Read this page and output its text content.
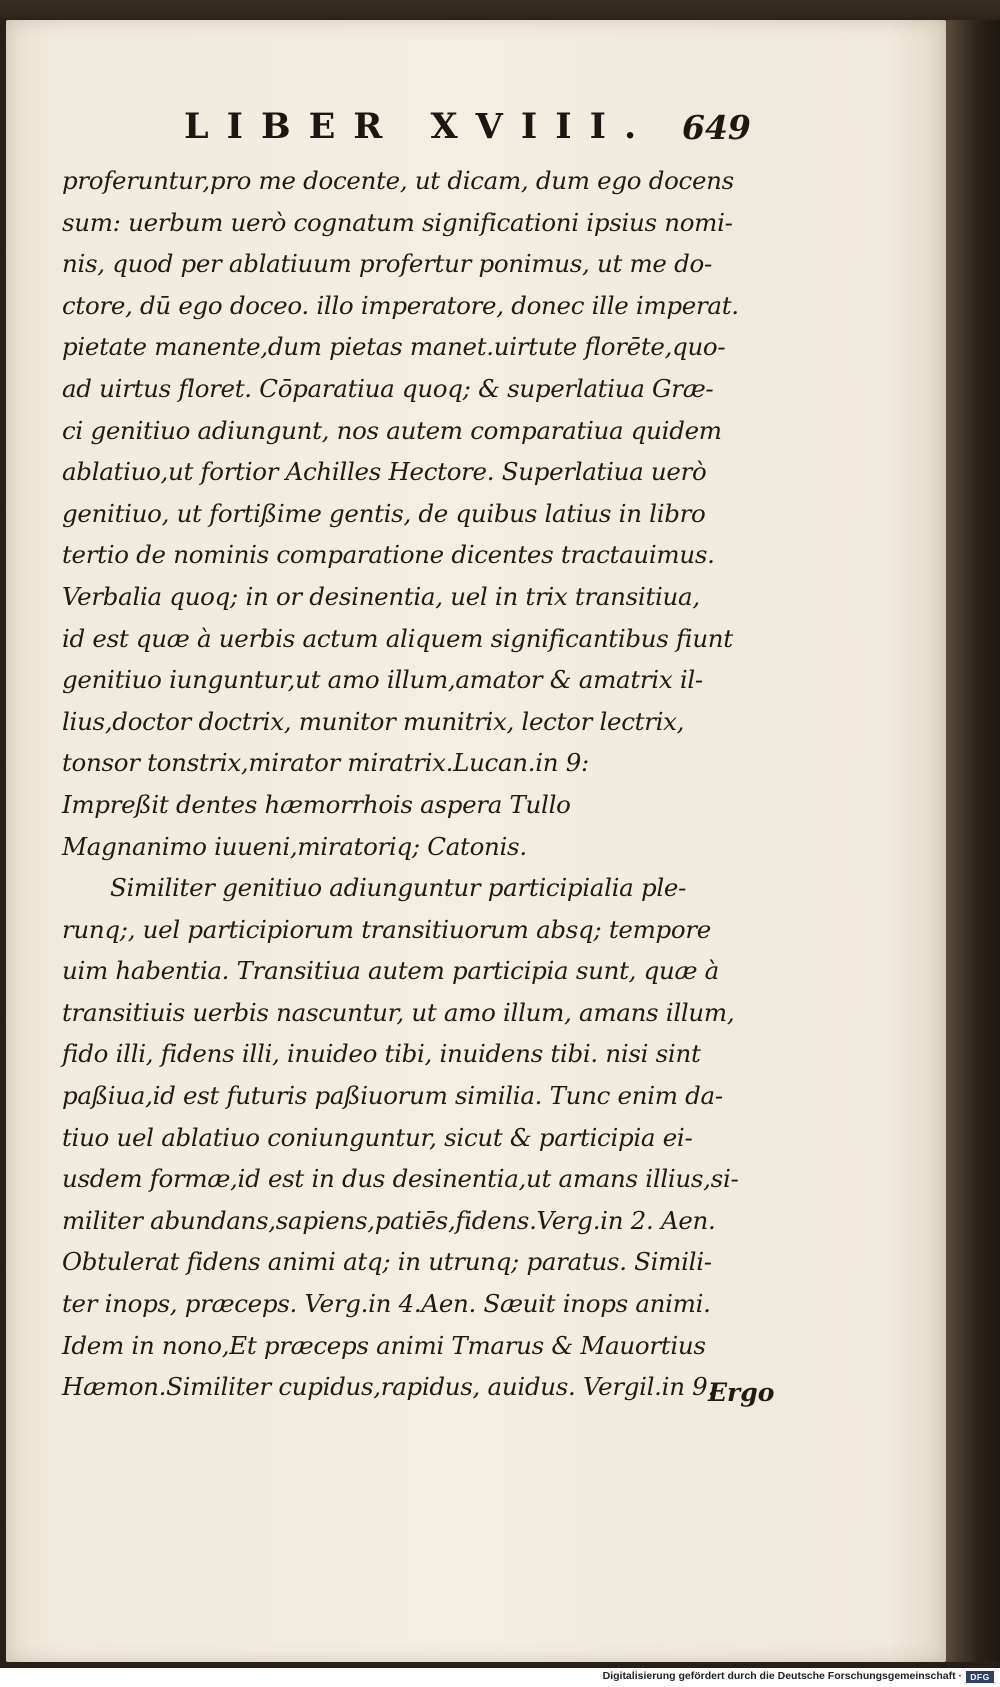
LIBER XVIII. 649
proferuntur,pro me docente, ut dicam, dum ego docens
sum: uerbum uerò cognatum significationi ipsius nomi-
nis, quod per ablatiuum profertur ponimus, ut me do-
ctore, dū ego doceo. illo imperatore, donec ille imperat.
pietate manente,dum pietas manet.uirtute florēte,quo-
ad uirtus floret. Cōparatiua quoq; & superlatiua Græ-
ci genitiuo adiungunt, nos autem comparatiua quidem
ablatiuo,ut fortior Achilles Hectore. Superlatiua uerò
genitiuo, ut fortißime gentis, de quibus latius in libro
tertio de nominis comparatione dicentes tractauimus.
Verbalia quoq; in or desinentia, uel in trix transitiua,
id est quæ à uerbis actum aliquem significantibus fiunt
genitiuo iunguntur,ut amo illum,amator & amatrix il-
lius,doctor doctrix, munitor munitrix, lector lectrix,
tonsor tonstrix,mirator miratrix.Lucan.in 9:
Impreßit dentes hæmorrhois aspera Tullo
Magnanimo iuueni,miratoriq; Catonis.
Similiter genitiuo adiunguntur participialia ple-
runq;, uel participiorum transitiuorum absq; tempore
uim habentia. Transitiua autem participia sunt, quæ à
transitiuis uerbis nascuntur, ut amo illum, amans illum,
fido illi, fidens illi, inuideo tibi, inuidens tibi. nisi sint
paßiua,id est futuris paßiuorum similia. Tunc enim da-
tiuo uel ablatiuo coniunguntur, sicut & participia ei-
usdem formæ,id est in dus desinentia,ut amans illius,si-
militer abundans,sapiens,patiēs,fidens.Verg.in 2. Aen.
Obtulerat fidens animi atq; in utrunq; paratus. Simili-
ter inops, præceps. Verg.in 4.Aen. Sæuit inops animi.
Idem in nono,Et præceps animi Tmarus & Mauortius
Hæmon.Similiter cupidus,rapidus, auidus. Vergil.in 9.
Ergo
Digitalisierung gefördert durch die Deutsche Forschungsgemeinschaft · DFG
